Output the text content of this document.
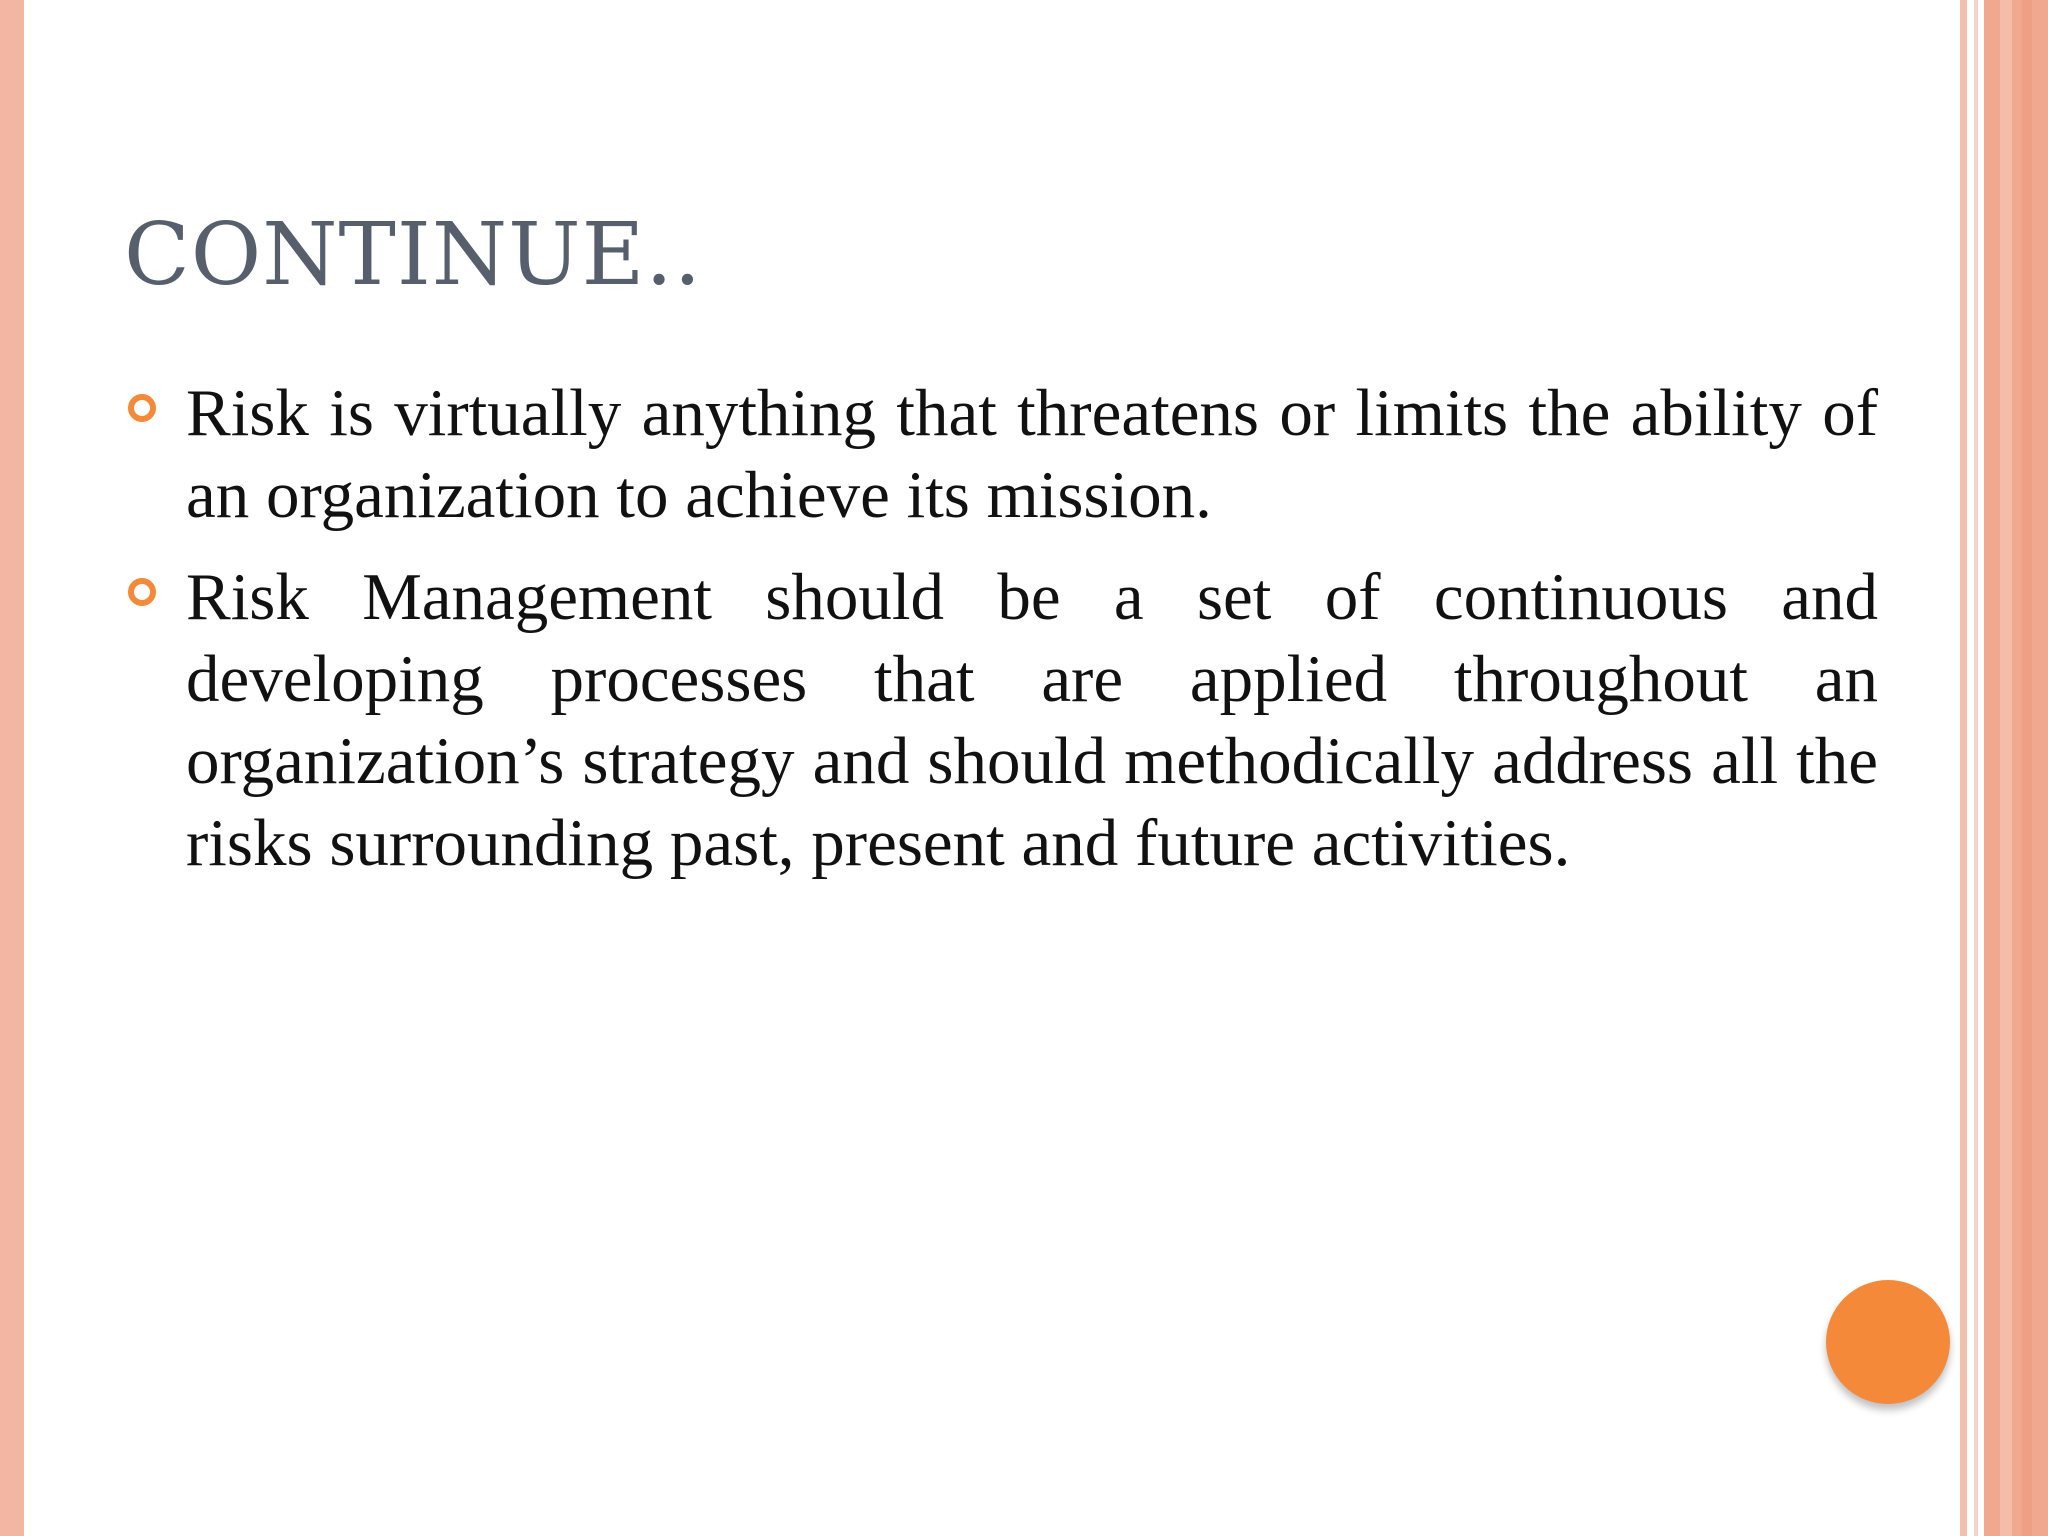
CONTINUE..
Risk is virtually anything that threatens or limits the ability of an organization to achieve its mission.
Risk Management should be a set of continuous and developing processes that are applied throughout an organization’s strategy and should methodically address all the risks surrounding past, present and future activities.
